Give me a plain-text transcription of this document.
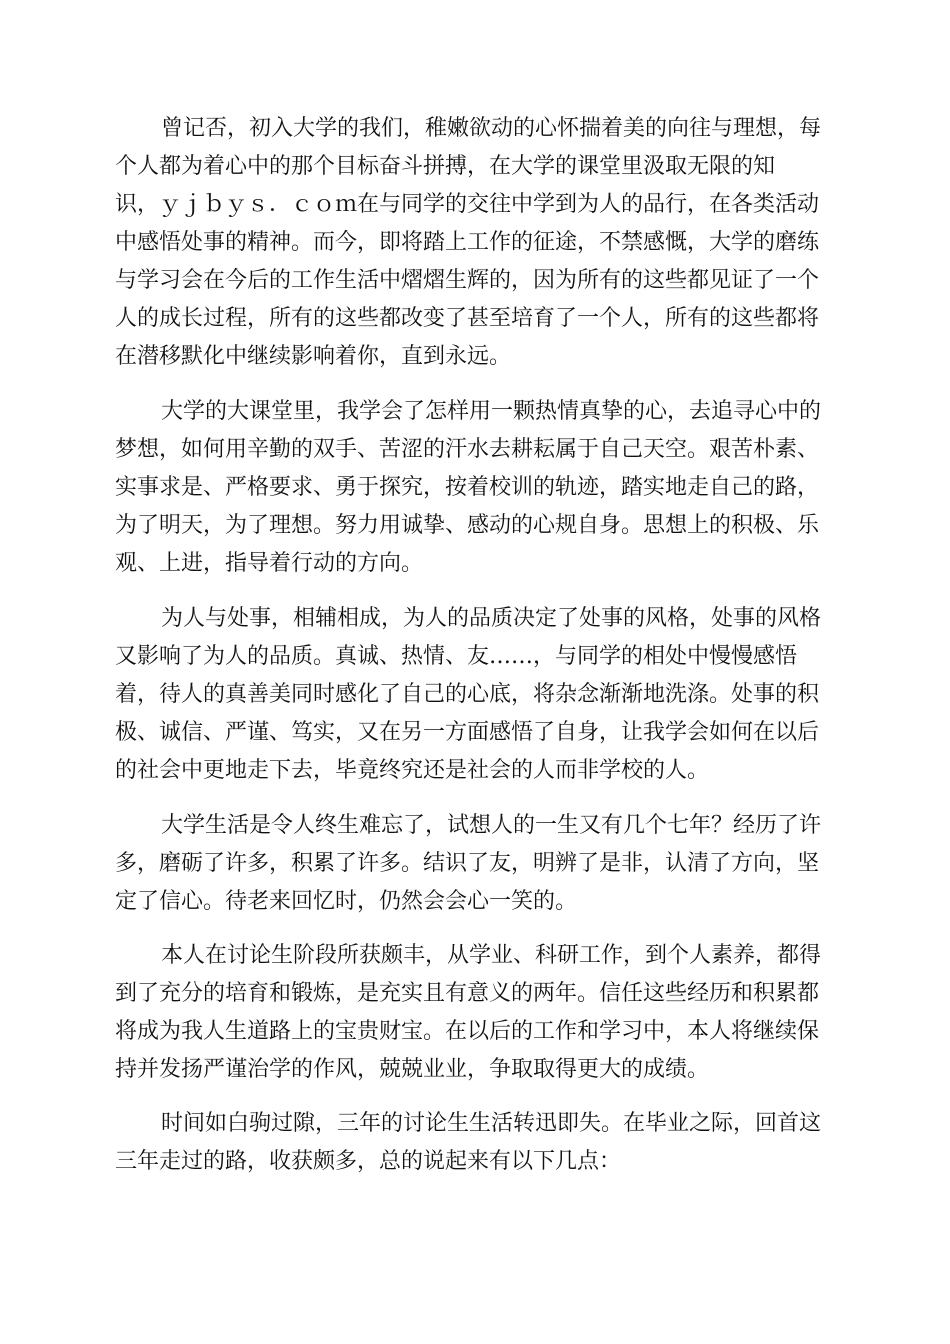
曾记否，初入大学的我们，稚嫩欲动的心怀揣着美的向往与理想，每
个人都为着心中的那个目标奋斗拼搏，在大学的课堂里汲取无限的知
识，ｙｊｂｙｓ．ｃｏｍ在与同学的交往中学到为人的品行，在各类活动
中感悟处事的精神。而今，即将踏上工作的征途，不禁感慨，大学的磨练
与学习会在今后的工作生活中熠熠生辉的，因为所有的这些都见证了一个
人的成长过程，所有的这些都改变了甚至培育了一个人，所有的这些都将
在潜移默化中继续影响着你，直到永远。
大学的大课堂里，我学会了怎样用一颗热情真挚的心，去追寻心中的
梦想，如何用辛勤的双手、苦涩的汗水去耕耘属于自己天空。艰苦朴素、
实事求是、严格要求、勇于探究，按着校训的轨迹，踏实地走自己的路，
为了明天，为了理想。努力用诚挚、感动的心规自身。思想上的积极、乐
观、上进，指导着行动的方向。
为人与处事，相辅相成，为人的品质决定了处事的风格，处事的风格
又影响了为人的品质。真诚、热情、友……，与同学的相处中慢慢感悟
着，待人的真善美同时感化了自己的心底，将杂念渐渐地洗涤。处事的积
极、诚信、严谨、笃实，又在另一方面感悟了自身，让我学会如何在以后
的社会中更地走下去，毕竟终究还是社会的人而非学校的人。
大学生活是令人终生难忘了，试想人的一生又有几个七年？经历了许
多，磨砺了许多，积累了许多。结识了友，明辨了是非，认清了方向，坚
定了信心。待老来回忆时，仍然会会心一笑的。
本人在讨论生阶段所获颇丰，从学业、科研工作，到个人素养，都得
到了充分的培育和锻炼，是充实且有意义的两年。信任这些经历和积累都
将成为我人生道路上的宝贵财宝。在以后的工作和学习中，本人将继续保
持并发扬严谨治学的作风，兢兢业业，争取取得更大的成绩。
时间如白驹过隙，三年的讨论生生活转迅即失。在毕业之际，回首这
三年走过的路，收获颇多，总的说起来有以下几点：
